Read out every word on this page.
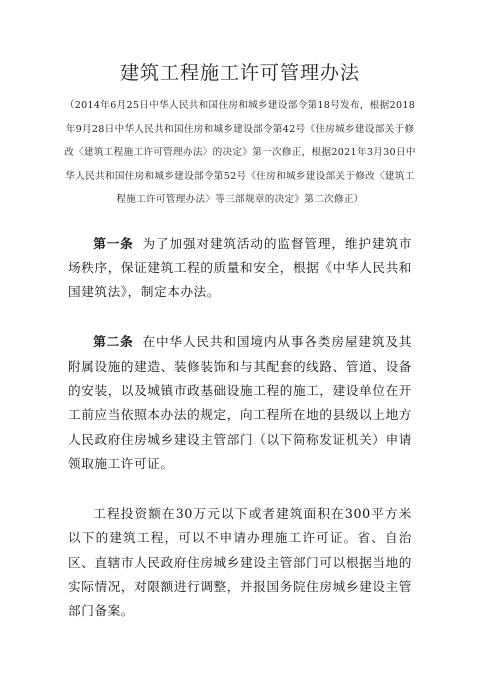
建筑工程施工许可管理办法

（2014年6月25日中华人民共和国住房和城乡建设部令第18号发布，根据2018年9月28日中华人民共和国住房和城乡建设部令第42号《住房城乡建设部关于修改〈建筑工程施工许可管理办法〉的决定》第一次修正，根据2021年3月30日中华人民共和国住房和城乡建设部令第52号《住房和城乡建设部关于修改〈建筑工程施工许可管理办法〉等三部规章的决定》第二次修正）

第一条 为了加强对建筑活动的监督管理，维护建筑市场秩序，保证建筑工程的质量和安全，根据《中华人民共和国建筑法》，制定本办法。

第二条 在中华人民共和国境内从事各类房屋建筑及其附属设施的建造、装修装饰和与其配套的线路、管道、设备的安装，以及城镇市政基础设施工程的施工，建设单位在开工前应当依照本办法的规定，向工程所在地的县级以上地方人民政府住房城乡建设主管部门（以下简称发证机关）申请领取施工许可证。

工程投资额在30万元以下或者建筑面积在300平方米以下的建筑工程，可以不申请办理施工许可证。省、自治区、直辖市人民政府住房城乡建设主管部门可以根据当地的实际情况，对限额进行调整，并报国务院住房城乡建设主管部门备案。
